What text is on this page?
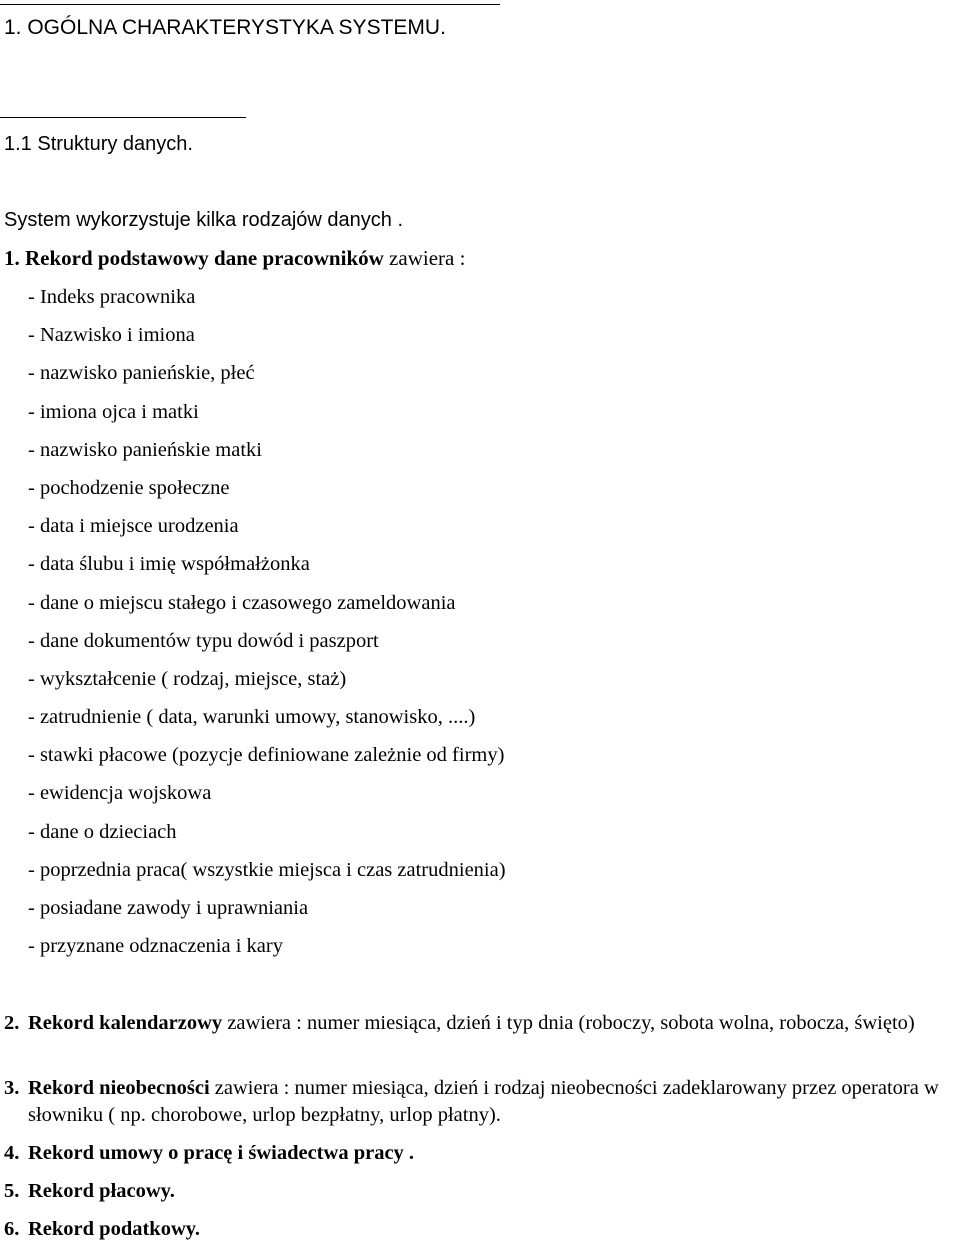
1. OGÓLNA CHARAKTERYSTYKA SYSTEMU.
1.1 Struktury danych.
System wykorzystuje kilka rodzajów danych .
1. Rekord podstawowy dane pracowników zawiera :
- Indeks pracownika
- Nazwisko i imiona
- nazwisko panieńskie, płeć
- imiona ojca i matki
- nazwisko panieńskie matki
- pochodzenie społeczne
- data i miejsce urodzenia
- data ślubu i imię współmałżonka
- dane o miejscu stałego i czasowego zameldowania
- dane dokumentów typu dowód i paszport
- wykształcenie ( rodzaj, miejsce, staż)
- zatrudnienie ( data, warunki umowy, stanowisko, ....)
- stawki płacowe (pozycje definiowane zależnie od firmy)
- ewidencja wojskowa
- dane o dzieciach
- poprzednia praca( wszystkie miejsca i czas zatrudnienia)
- posiadane zawody i uprawniania
- przyznane odznaczenia i kary
2. Rekord kalendarzowy zawiera : numer miesiąca, dzień i typ dnia (roboczy, sobota wolna, robocza, święto)
3. Rekord nieobecności zawiera : numer miesiąca, dzień i rodzaj nieobecności zadeklarowany przez operatora w słowniku ( np. chorobowe, urlop bezpłatny, urlop płatny).
4. Rekord umowy o pracę i świadectwa pracy .
5. Rekord płacowy.
6. Rekord podatkowy.
